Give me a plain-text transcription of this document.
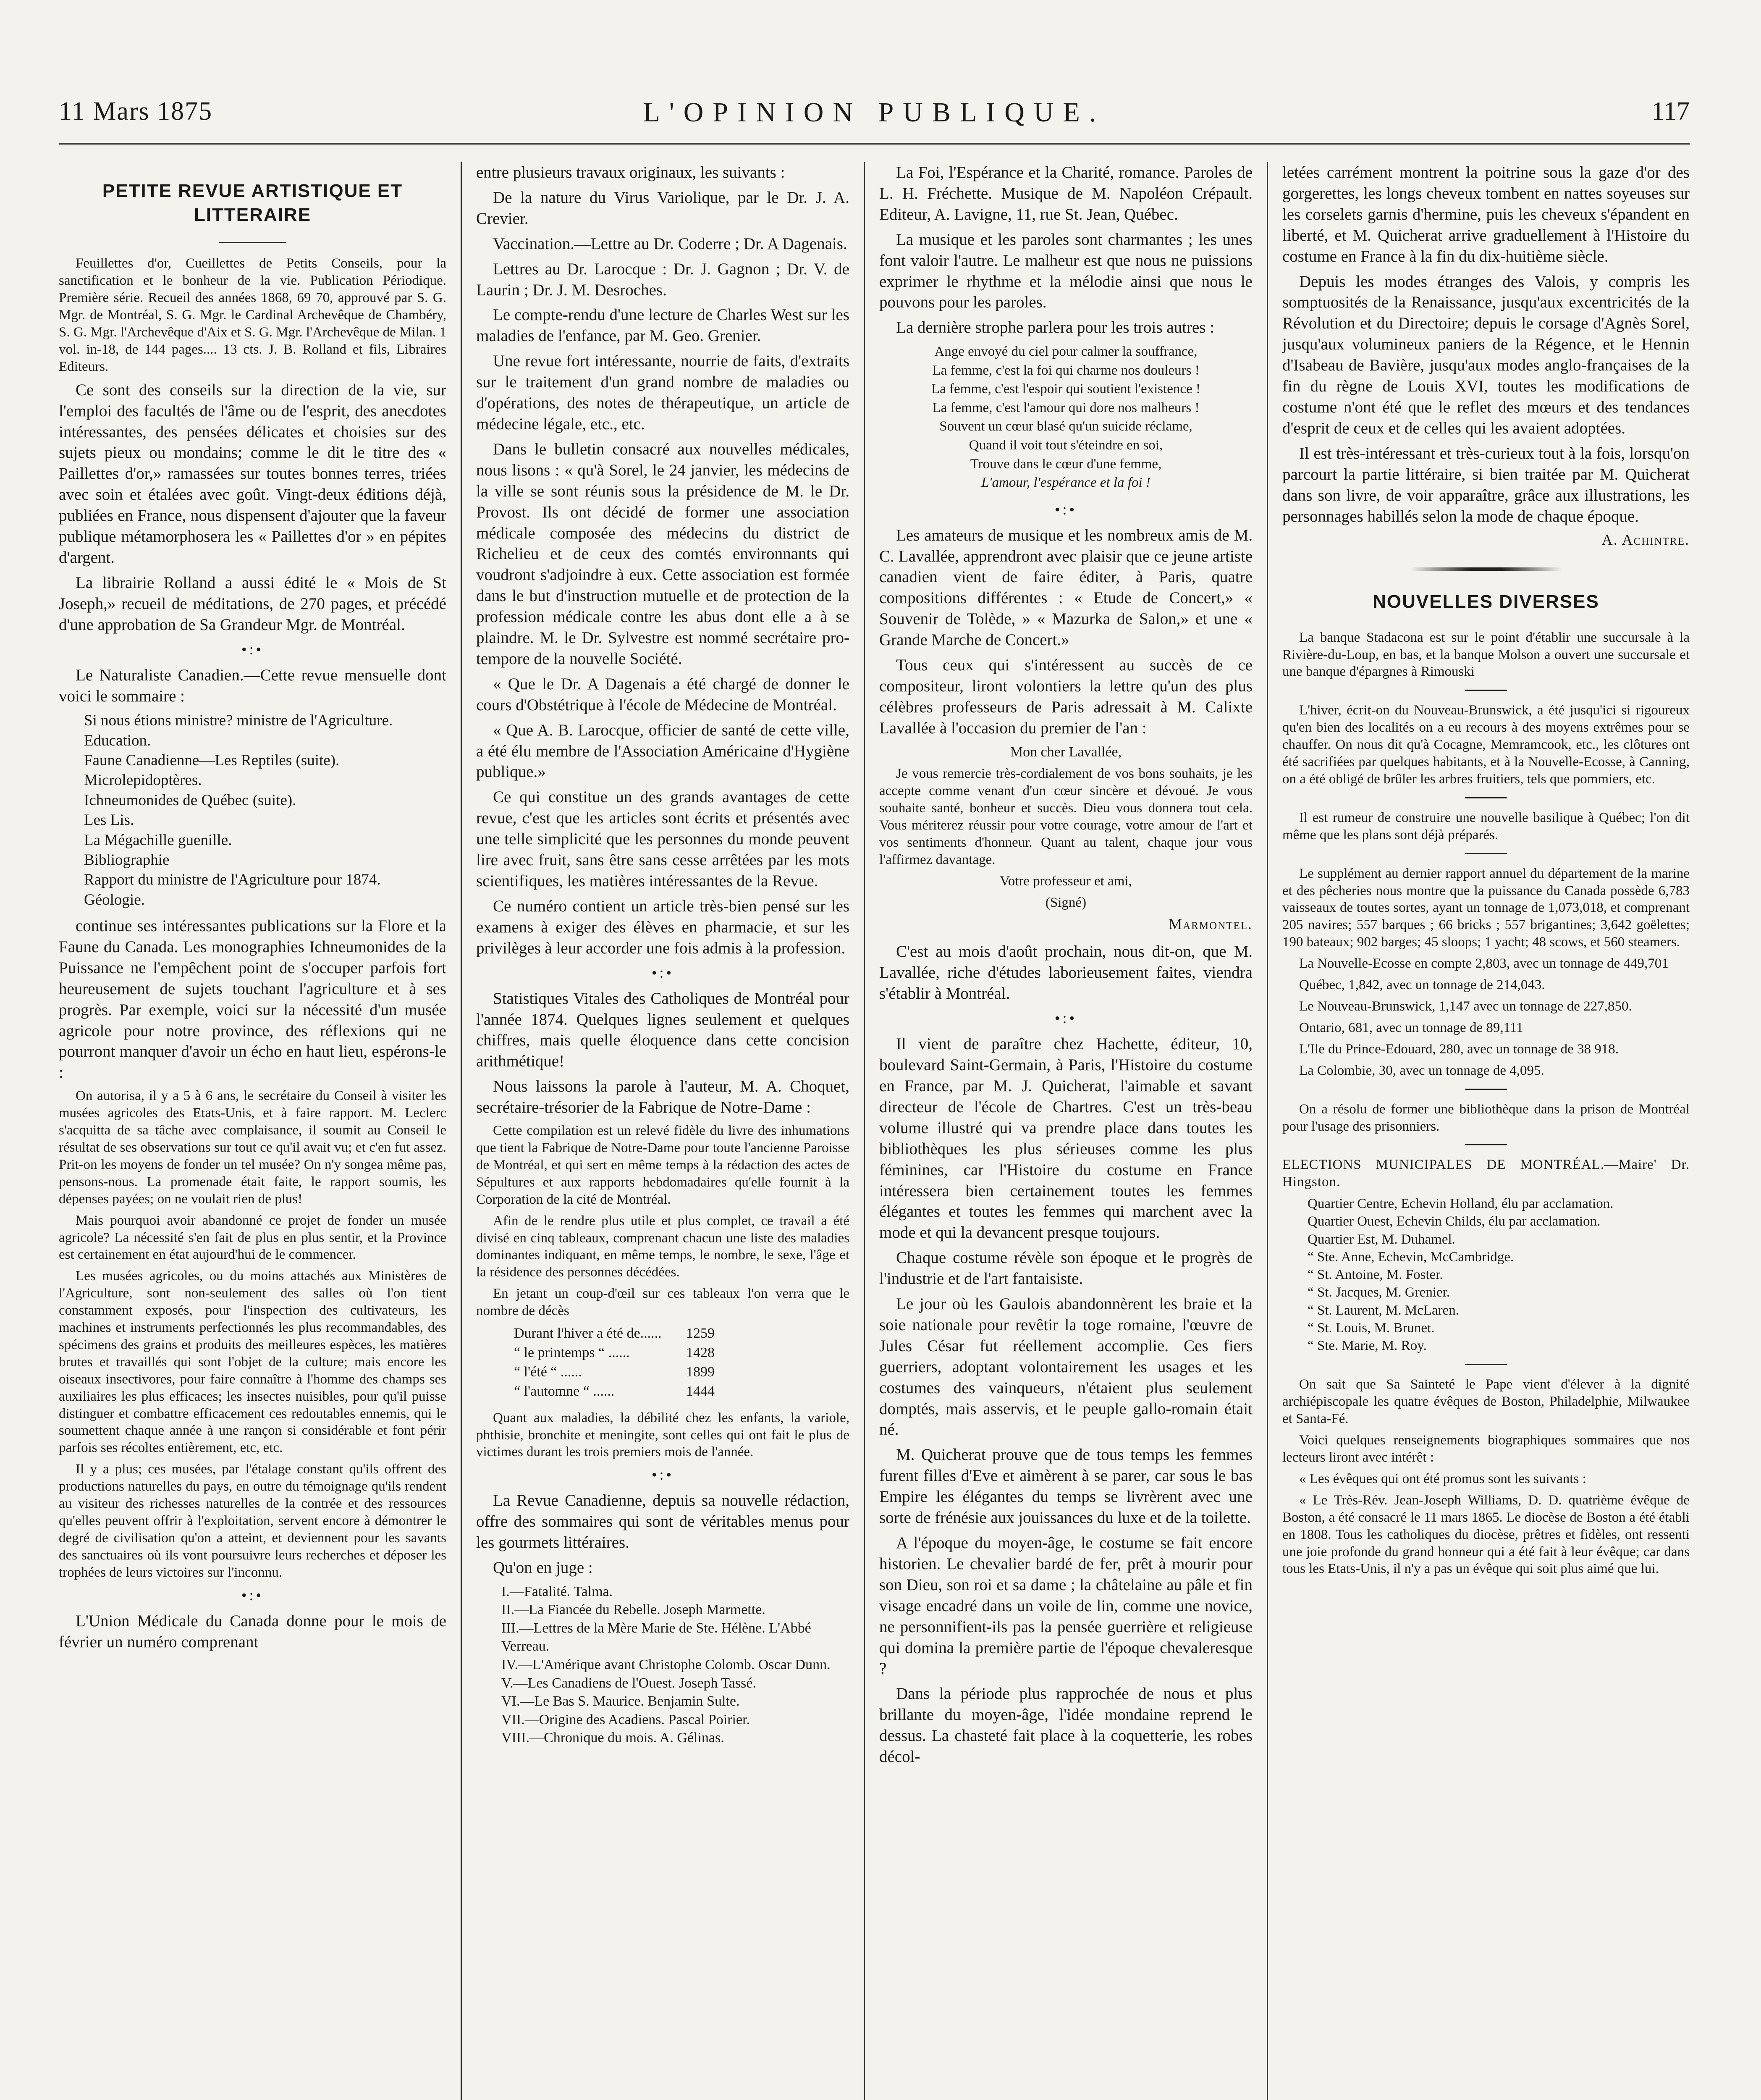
11 Mars 1875	L'OPINION PUBLIQUE.	117
PETITE REVUE ARTISTIQUE ET LITTERAIRE

Feuillettes d'or, Cueillettes de Petits Conseils, pour la sanctification et le bonheur de la vie. Publication Périodique. Première série. Recueil des années 1868, 69 70, approuvé par S. G. Mgr. de Montréal, S. G. Mgr. le Cardinal Archevêque de Chambéry, S. G. Mgr. l'Archevêque d'Aix et S. G. Mgr. l'Archevêque de Milan. 1 vol. in-18, de 144 pages.... 13 cts. J. B. Rolland et fils, Libraires Editeurs.

Ce sont des conseils sur la direction de la vie, sur l'emploi des facultés de l'âme ou de l'esprit, des anecdotes intéressantes, des pensées délicates et choisies sur des sujets pieux ou mondains; comme le dit le titre des « Paillettes d'or,» ramassées sur toutes bonnes terres, triées avec soin et étalées avec goût. Vingt-deux éditions déjà, publiées en France, nous dispensent d'ajouter que la faveur publique métamorphosera les « Paillettes d'or » en pépites d'argent.

La librairie Rolland a aussi édité le « Mois de St Joseph,» recueil de méditations, de 270 pages, et précédé d'une approbation de Sa Grandeur Mgr. de Montréal.

•:•

Le Naturaliste Canadien.—Cette revue mensuelle dont voici le sommaire :

Si nous étions ministre? ministre de l'Agriculture.
Education.
Faune Canadienne—Les Reptiles (suite).
Microlepidoptères.
Ichneumonides de Québec (suite).
Les Lis.
La Mégachille guenille.
Bibliographie
Rapport du ministre de l'Agriculture pour 1874.
Géologie.

continue ses intéressantes publications sur la Flore et la Faune du Canada. Les monographies Ichneumonides de la Puissance ne l'empêchent point de s'occuper parfois fort heureusement de sujets touchant l'agriculture et à ses progrès. Par exemple, voici sur la nécessité d'un musée agricole pour notre province, des réflexions qui ne pourront manquer d'avoir un écho en haut lieu, espérons-le :

On autorisa, il y a 5 à 6 ans, le secrétaire du Conseil à visiter les musées agricoles des Etats-Unis, et à faire rapport. M. Leclerc s'acquitta de sa tâche avec complaisance, il soumit au Conseil le résultat de ses observations sur tout ce qu'il avait vu; et c'en fut assez. Prit-on les moyens de fonder un tel musée? On n'y songea même pas, pensons-nous. La promenade était faite, le rapport soumis, les dépenses payées; on ne voulait rien de plus!

Mais pourquoi avoir abandonné ce projet de fonder un musée agricole? La nécessité s'en fait de plus en plus sentir, et la Province est certainement en état aujourd'hui de le commencer.

Les musées agricoles, ou du moins attachés aux Ministères de l'Agriculture, sont non-seulement des salles où l'on tient constamment exposés, pour l'inspection des cultivateurs, les machines et instruments perfectionnés les plus recommandables, des spécimens des grains et produits des meilleures espèces, les matières brutes et travaillés qui sont l'objet de la culture; mais encore les oiseaux insectivores, pour faire connaître à l'homme des champs ses auxiliaires les plus efficaces; les insectes nuisibles, pour qu'il puisse distinguer et combattre efficacement ces redoutables ennemis, qui le soumettent chaque année à une rançon si considérable et font périr parfois ses récoltes entièrement, etc, etc.

Il y a plus; ces musées, par l'étalage constant qu'ils offrent des productions naturelles du pays, en outre du témoignage qu'ils rendent au visiteur des richesses naturelles de la contrée et des ressources qu'elles peuvent offrir à l'exploitation, servent encore à démontrer le degré de civilisation qu'on a atteint, et deviennent pour les savants des sanctuaires où ils vont poursuivre leurs recherches et déposer les trophées de leurs victoires sur l'inconnu.

•:•

L'Union Médicale du Canada donne pour le mois de février un numéro comprenant

entre plusieurs travaux originaux, les suivants :

De la nature du Virus Variolique, par le Dr. J. A. Crevier.

Vaccination.—Lettre au Dr. Coderre ; Dr. A Dagenais.

Lettres au Dr. Larocque : Dr. J. Gagnon ; Dr. V. de Laurin ; Dr. J. M. Desroches.

Le compte-rendu d'une lecture de Charles West sur les maladies de l'enfance, par M. Geo. Grenier.

Une revue fort intéressante, nourrie de faits, d'extraits sur le traitement d'un grand nombre de maladies ou d'opérations, des notes de thérapeutique, un article de médecine légale, etc., etc.

Dans le bulletin consacré aux nouvelles médicales, nous lisons : « qu'à Sorel, le 24 janvier, les médecins de la ville se sont réunis sous la présidence de M. le Dr. Provost. Ils ont décidé de former une association médicale composée des médecins du district de Richelieu et de ceux des comtés environnants qui voudront s'adjoindre à eux. Cette association est formée dans le but d'instruction mutuelle et de protection de la profession médicale contre les abus dont elle a à se plaindre. M. le Dr. Sylvestre est nommé secrétaire pro-tempore de la nouvelle Société.

« Que le Dr. A Dagenais a été chargé de donner le cours d'Obstétrique à l'école de Médecine de Montréal.

« Que A. B. Larocque, officier de santé de cette ville, a été élu membre de l'Association Américaine d'Hygiène publique.»

Ce qui constitue un des grands avantages de cette revue, c'est que les articles sont écrits et présentés avec une telle simplicité que les personnes du monde peuvent lire avec fruit, sans être sans cesse arrêtées par les mots scientifiques, les matières intéressantes de la Revue.

Ce numéro contient un article très-bien pensé sur les examens à exiger des élèves en pharmacie, et sur les privilèges à leur accorder une fois admis à la profession.

•:•

Statistiques Vitales des Catholiques de Montréal pour l'année 1874. Quelques lignes seulement et quelques chiffres, mais quelle éloquence dans cette concision arithmétique!

Nous laissons la parole à l'auteur, M. A. Choquet, secrétaire-trésorier de la Fabrique de Notre-Dame :

Cette compilation est un relevé fidèle du livre des inhumations que tient la Fabrique de Notre-Dame pour toute l'ancienne Paroisse de Montréal, et qui sert en même temps à la rédaction des actes de Sépultures et aux rapports hebdomadaires qu'elle fournit à la Corporation de la cité de Montréal.

Afin de le rendre plus utile et plus complet, ce travail a été divisé en cinq tableaux, comprenant chacun une liste des maladies dominantes indiquant, en même temps, le nombre, le sexe, l'âge et la résidence des personnes décédées.

En jetant un coup-d'œil sur ces tableaux l'on verra que le nombre de décès

Durant l'hiver a été de......	1259
“ le printemps “ ......	1428
“ l'été “ ......	1899
“ l'automne “ ......	1444

Quant aux maladies, la débilité chez les enfants, la variole, phthisie, bronchite et meningite, sont celles qui ont fait le plus de victimes durant les trois premiers mois de l'année.

•:•

La Revue Canadienne, depuis sa nouvelle rédaction, offre des sommaires qui sont de véritables menus pour les gourmets littéraires.

Qu'on en juge :

I.—Fatalité. Talma.
II.—La Fiancée du Rebelle. Joseph Marmette.
III.—Lettres de la Mère Marie de Ste. Hélène. L'Abbé Verreau.
IV.—L'Amérique avant Christophe Colomb. Oscar Dunn.
V.—Les Canadiens de l'Ouest. Joseph Tassé.
VI.—Le Bas S. Maurice. Benjamin Sulte.
VII.—Origine des Acadiens. Pascal Poirier.
VIII.—Chronique du mois. A. Gélinas.

La Foi, l'Espérance et la Charité, romance. Paroles de L. H. Fréchette. Musique de M. Napoléon Crépault. Editeur, A. Lavigne, 11, rue St. Jean, Québec.

La musique et les paroles sont charmantes ; les unes font valoir l'autre. Le malheur est que nous ne puissions exprimer le rhythme et la mélodie ainsi que nous le pouvons pour les paroles.

La dernière strophe parlera pour les trois autres :

Ange envoyé du ciel pour calmer la souffrance,
La femme, c'est la foi qui charme nos douleurs !
La femme, c'est l'espoir qui soutient l'existence !
La femme, c'est l'amour qui dore nos malheurs !
Souvent un cœur blasé qu'un suicide réclame,
Quand il voit tout s'éteindre en soi,
Trouve dans le cœur d'une femme,
L'amour, l'espérance et la foi !
•:•

Les amateurs de musique et les nombreux amis de M. C. Lavallée, apprendront avec plaisir que ce jeune artiste canadien vient de faire éditer, à Paris, quatre compositions différentes : « Etude de Concert,» « Souvenir de Tolède, » « Mazurka de Salon,» et une « Grande Marche de Concert.»

Tous ceux qui s'intéressent au succès de ce compositeur, liront volontiers la lettre qu'un des plus célèbres professeurs de Paris adressait à M. Calixte Lavallée à l'occasion du premier de l'an :

Mon cher Lavallée,

Je vous remercie très-cordialement de vos bons souhaits, je les accepte comme venant d'un cœur sincère et dévoué. Je vous souhaite santé, bonheur et succès. Dieu vous donnera tout cela. Vous mériterez réussir pour votre courage, votre amour de l'art et vos sentiments d'honneur. Quant au talent, chaque jour vous l'affirmez davantage.

Votre professeur et ami,

(Signé)

Marmontel.

C'est au mois d'août prochain, nous dit-on, que M. Lavallée, riche d'études laborieusement faites, viendra s'établir à Montréal.

•:•

Il vient de paraître chez Hachette, éditeur, 10, boulevard Saint-Germain, à Paris, l'Histoire du costume en France, par M. J. Quicherat, l'aimable et savant directeur de l'école de Chartres. C'est un très-beau volume illustré qui va prendre place dans toutes les bibliothèques les plus sérieuses comme les plus féminines, car l'Histoire du costume en France intéressera bien certainement toutes les femmes élégantes et toutes les femmes qui marchent avec la mode et qui la devancent presque toujours.

Chaque costume révèle son époque et le progrès de l'industrie et de l'art fantaisiste.

Le jour où les Gaulois abandonnèrent les braie et la soie nationale pour revêtir la toge romaine, l'œuvre de Jules César fut réellement accomplie. Ces fiers guerriers, adoptant volontairement les usages et les costumes des vainqueurs, n'étaient plus seulement domptés, mais asservis, et le peuple gallo-romain était né.

M. Quicherat prouve que de tous temps les femmes furent filles d'Eve et aimèrent à se parer, car sous le bas Empire les élégantes du temps se livrèrent avec une sorte de frénésie aux jouissances du luxe et de la toilette.

A l'époque du moyen-âge, le costume se fait encore historien. Le chevalier bardé de fer, prêt à mourir pour son Dieu, son roi et sa dame ; la châtelaine au pâle et fin visage encadré dans un voile de lin, comme une novice, ne personnifient-ils pas la pensée guerrière et religieuse qui domina la première partie de l'époque chevaleresque ?

Dans la période plus rapprochée de nous et plus brillante du moyen-âge, l'idée mondaine reprend le dessus. La chasteté fait place à la coquetterie, les robes décol-

letées carrément montrent la poitrine sous la gaze d'or des gorgerettes, les longs cheveux tombent en nattes soyeuses sur les corselets garnis d'hermine, puis les cheveux s'épandent en liberté, et M. Quicherat arrive graduellement à l'Histoire du costume en France à la fin du dix-huitième siècle.

Depuis les modes étranges des Valois, y compris les somptuosités de la Renaissance, jusqu'aux excentricités de la Révolution et du Directoire; depuis le corsage d'Agnès Sorel, jusqu'aux volumineux paniers de la Régence, et le Hennin d'Isabeau de Bavière, jusqu'aux modes anglo-françaises de la fin du règne de Louis XVI, toutes les modifications de costume n'ont été que le reflet des mœurs et des tendances d'esprit de ceux et de celles qui les avaient adoptées.

Il est très-intéressant et très-curieux tout à la fois, lorsqu'on parcourt la partie littéraire, si bien traitée par M. Quicherat dans son livre, de voir apparaître, grâce aux illustrations, les personnages habillés selon la mode de chaque époque.

A. Achintre.
NOUVELLES DIVERSES

La banque Stadacona est sur le point d'établir une succursale à la Rivière-du-Loup, en bas, et la banque Molson a ouvert une succursale et une banque d'épargnes à Rimouski

L'hiver, écrit-on du Nouveau-Brunswick, a été jusqu'ici si rigoureux qu'en bien des localités on a eu recours à des moyens extrêmes pour se chauffer. On nous dit qu'à Cocagne, Memramcook, etc., les clôtures ont été sacrifiées par quelques habitants, et à la Nouvelle-Ecosse, à Canning, on a été obligé de brûler les arbres fruitiers, tels que pommiers, etc.

Il est rumeur de construire une nouvelle basilique à Québec; l'on dit même que les plans sont déjà préparés.

Le supplément au dernier rapport annuel du département de la marine et des pêcheries nous montre que la puissance du Canada possède 6,783 vaisseaux de toutes sortes, ayant un tonnage de 1,073,018, et comprenant 205 navires; 557 barques ; 66 bricks ; 557 brigantines; 3,642 goëlettes; 190 bateaux; 902 barges; 45 sloops; 1 yacht; 48 scows, et 560 steamers.

La Nouvelle-Ecosse en compte 2,803, avec un tonnage de 449,701

Québec, 1,842, avec un tonnage de 214,043.

Le Nouveau-Brunswick, 1,147 avec un tonnage de 227,850.

Ontario, 681, avec un tonnage de 89,111

L'Ile du Prince-Edouard, 280, avec un tonnage de 38 918.

La Colombie, 30, avec un tonnage de 4,095.

On a résolu de former une bibliothèque dans la prison de Montréal pour l'usage des prisonniers.

ELECTIONS MUNICIPALES DE MONTRÉAL.—Maire' Dr. Hingston.

Quartier Centre, Echevin Holland, élu par acclamation.
Quartier Ouest, Echevin Childs, élu par acclamation.
Quartier Est, M. Duhamel.
“ Ste. Anne, Echevin, McCambridge.
“ St. Antoine, M. Foster.
“ St. Jacques, M. Grenier.
“ St. Laurent, M. McLaren.
“ St. Louis, M. Brunet.
“ Ste. Marie, M. Roy.

On sait que Sa Sainteté le Pape vient d'élever à la dignité archiépiscopale les quatre évêques de Boston, Philadelphie, Milwaukee et Santa-Fé.

Voici quelques renseignements biographiques sommaires que nos lecteurs liront avec intérêt :

« Les évêques qui ont été promus sont les suivants :

« Le Très-Rév. Jean-Joseph Williams, D. D. quatrième évêque de Boston, a été consacré le 11 mars 1865. Le diocèse de Boston a été établi en 1808. Tous les catholiques du diocèse, prêtres et fidèles, ont ressenti une joie profonde du grand honneur qui a été fait à leur évêque; car dans tous les Etats-Unis, il n'y a pas un évêque qui soit plus aimé que lui.
